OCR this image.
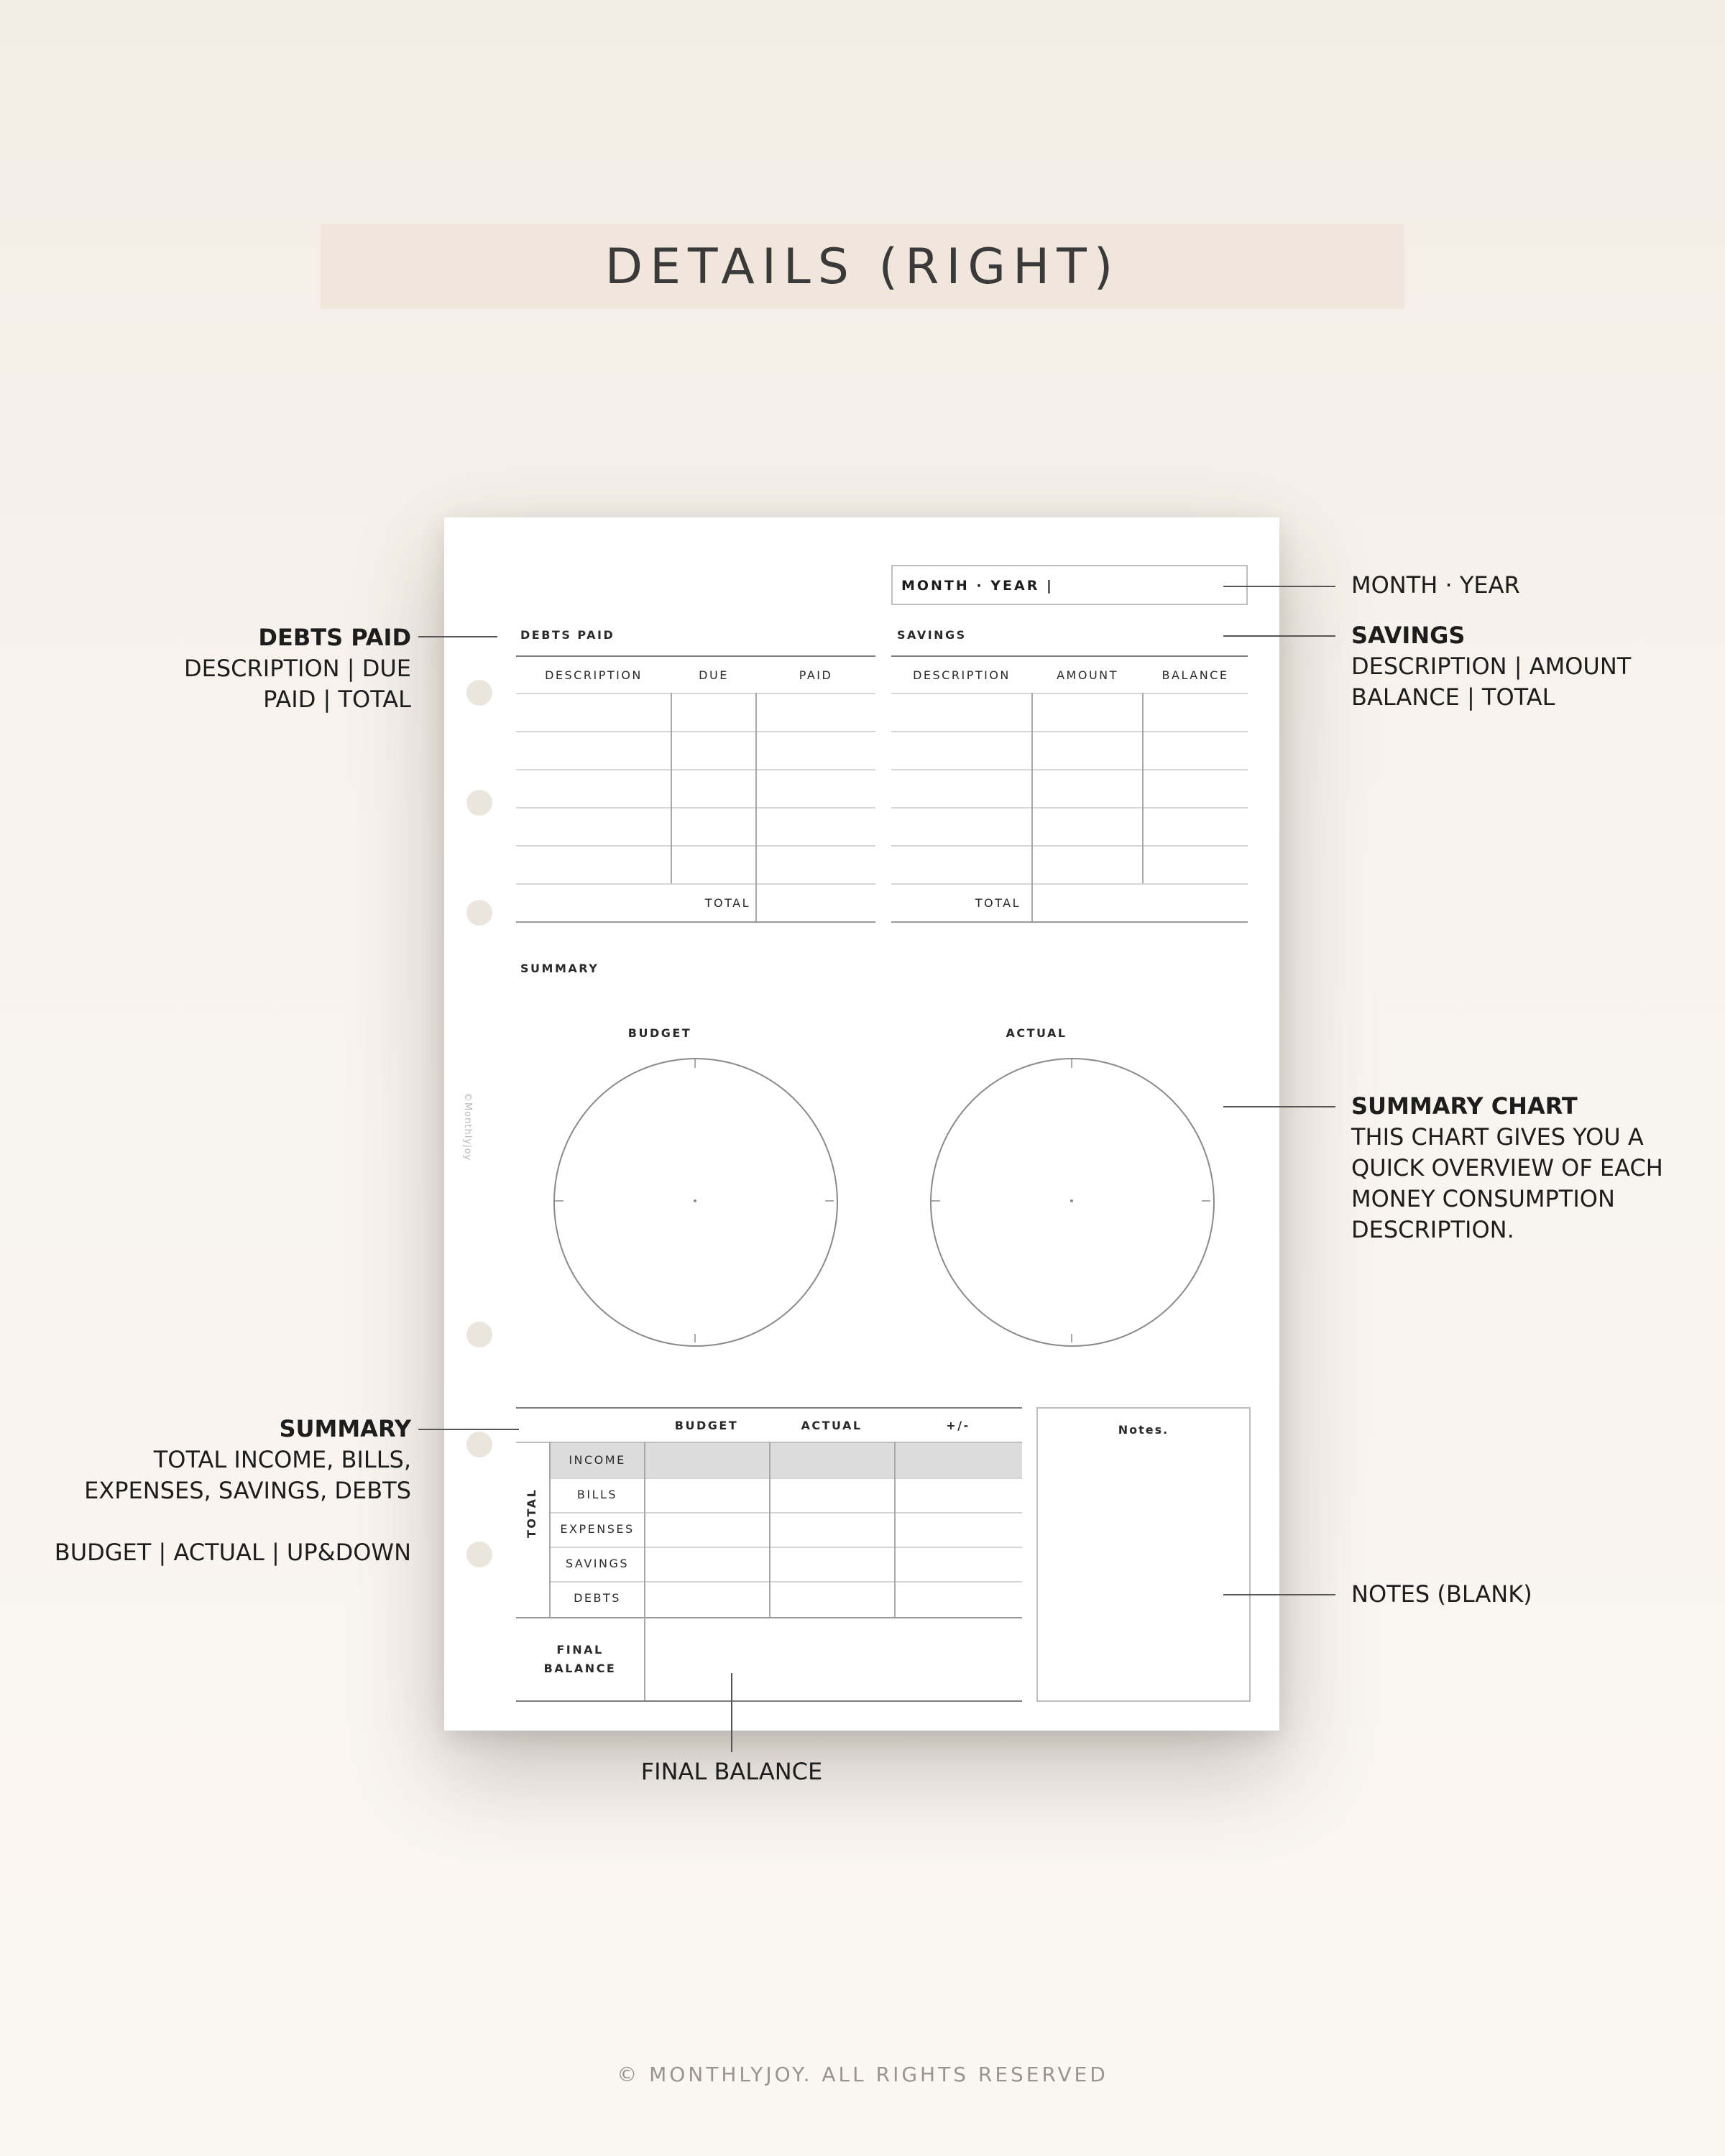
DETAILS (RIGHT)
©Monthlyjoy
MONTH · YEAR |
DEBTS PAID
DESCRIPTION	DUE	PAID
TOTAL
SAVINGS
DESCRIPTION	AMOUNT	BALANCE
TOTAL
SUMMARY
BUDGET	ACTUAL
BUDGET	ACTUAL	+/-
TOTAL
INCOME
BILLS
EXPENSES
SAVINGS
DEBTS
FINAL
BALANCE
Notes.
MONTH · YEAR
DEBTS PAID
DESCRIPTION | DUE
PAID | TOTAL
SAVINGS
DESCRIPTION | AMOUNT
BALANCE | TOTAL
SUMMARY CHART
THIS CHART GIVES YOU A
QUICK OVERVIEW OF EACH
MONEY CONSUMPTION
DESCRIPTION.
SUMMARY
TOTAL INCOME, BILLS,
EXPENSES, SAVINGS, DEBTS
BUDGET | ACTUAL | UP&DOWN
NOTES (BLANK)
FINAL BALANCE
© MONTHLYJOY. ALL RIGHTS RESERVED
